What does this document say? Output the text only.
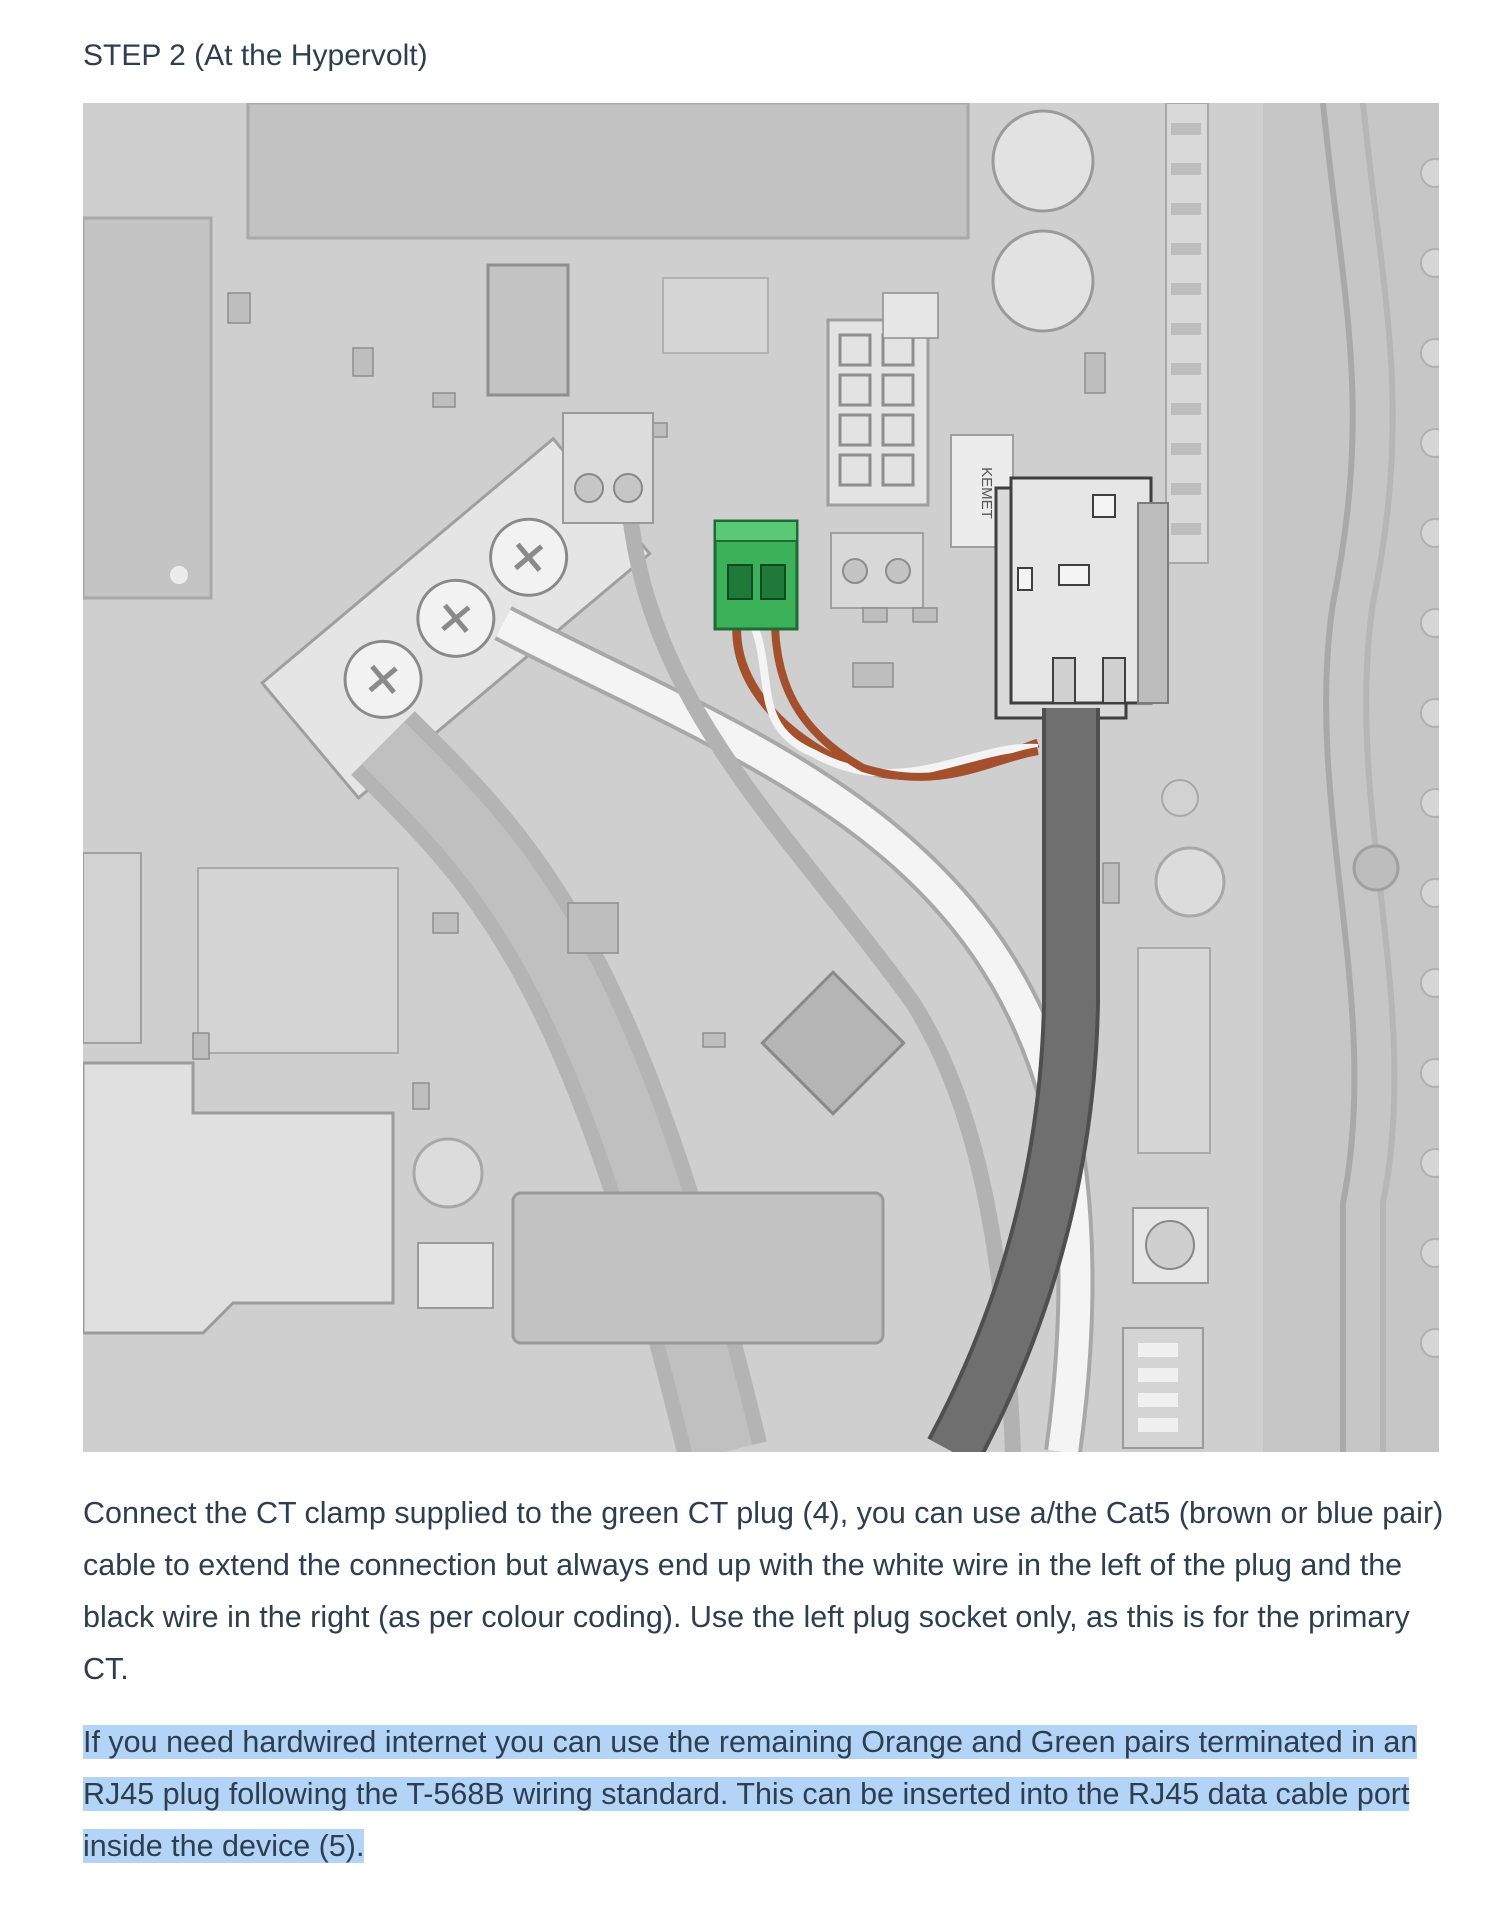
STEP 2 (At the Hypervolt)
KEMET

Connect the CT clamp supplied to the green CT plug (4), you can use a/the Cat5 (brown or blue pair) cable to extend the connection but always end up with the white wire in the left of the plug and the black wire in the right (as per colour coding). Use the left plug socket only, as this is for the primary CT.

If you need hardwired internet you can use the remaining Orange and Green pairs terminated in an RJ45 plug following the T-568B wiring standard. This can be inserted into the RJ45 data cable port inside the device (5).
